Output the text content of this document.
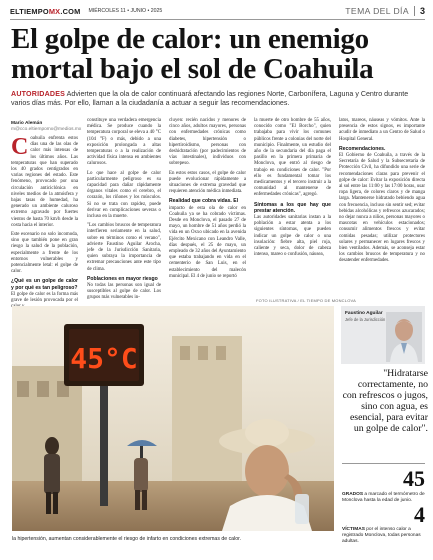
ELTIEMPOMX.COM MIÉRCOLES 11 • JUNIO • 2025	TEMA DEL DÍA 3
El golpe de calor: un enemigo mortal bajo el sol de Coahuila

AUTORIDADES Advierten que la ola de calor continuará afectando las regiones Norte, Carbonífera, Laguna y Centro durante varios días más. Por ello, llaman a la ciudadanía a actuar a seguir las recomendaciones.

Mario Alemán
m@cco.eltiempomx@medios.mx
C oahuila enfrenta estos días una de las olas de calor más intensas de los últimos años. Las temperaturas que han superado los 40 grados centígrados en varias regiones del estado. Este fenómeno, provocado por una circulación anticiclónica en niveles medios de la atmósfera y bajas tasas de humedad, ha generado un ambiente caluroso extremo agravado por fuertes vientos de hasta 70 km/h desde la costa hacia el interior.

Este escenario no solo incomoda, sino que también pone en gran riesgo la salud de la población, especialmente a frente de los entornos vulnerables y potencialmente letal: el golpe de calor.

¿Qué es un golpe de calor y por qué es tan peligroso?

El golpe de calor es la forma más grave de lesión provocada por el

constituye una verdadera emergencia médica. Se produce cuando la temperatura corporal se eleva a 40 °C (104 °F) o más, debido a una exposición prolongada a altas temperaturas o a la realización de actividad física intensa en ambientes calurosos.

Lo que hace al golpe de calor particularmente peligroso es su capacidad para dañar rápidamente órganos vitales como el cerebro, el corazón, los riñones y los músculos. Si no se trata con rapidez, puede derivar en complicaciones severas o incluso en la muerte.

"Los cambios bruscos de temperatura interfieren seriamente en la salud, sobre en términos como el verano", advierte Faustino Aguilar Arocha, jefe de la Jurisdicción Sanitaria, quien subraya la importancia de extremar precauciones ante este tipo de clima.

Poblaciones en mayor riesgo

No todas las personas son igual de susceptibles al golpe de calor. Los grupos más vulnerables in-

cluyen: recién nacidos y menores de cinco años, adultos mayores, personas con enfermedades crónicas como diabetes, hipertensión o hipertiroidismo, personas con deshidratación (por padecimientos de vías intestinales), individuos con sobrepeso.

En estos estos casos, el golpe de calor puede evolucionar rápidamente a situaciones de extrema gravedad que requieren atención médica inmediata.

Realidad que cobra vidas. El

impacto de esta ola de calor en Coahuila ya se ha cobrado víctimas. Desde en Monclova, el pasado 27 de mayo, un hombre de 51 años perdió la vida en un Oxxo ubicado en la avenida Ejército Mexicano con Leandro Valle, días después, el 25 de mayo, un empleado de 32 años del Ayuntamiento que estaba trabajando en vida en el cementerio de San Luis, en el establecimiento del malecón municipal. El 4 de junio se reportó

la muerte de otro hombre de 55 años, conocido como "El Borcho", quien trabajaba para vivir los comunes públicos frente a colonias del norte del municipio. Finalmente, un estudio del año de la secundaria del día paga el pasillo en la primera primaria de Monclova, que entró al riesgo de trabajo en condiciones de calor. "Por ello es fundamental tomar los medicamentos y el tercero instruir a la comunidad al mantenerse de enfermedades crónicas", agregó.

Síntomas a los que hay que prestar atención.

Las autoridades sanitarias instan a la población a estar atenta a los siguientes síntomas, que pueden indicar un golpe de calor o una insolación: fiebre alta, piel roja, caliente y seca, dolor de cabeza intenso, mareo o confusión, náusea,

latos, mareos, náuseas y vómitos. Ante la presencia de estos signos, es importante acudir de inmediato a un Centro de Salud o Hospital General.

Recomendaciones.

El Gobierno de Coahuila, a través de la Secretaría de Salud y la Subsecretaría de Protección Civil, ha difundido una serie de recomendaciones claras para prevenir el golpe de calor: Evitar la exposición directa al sol entre las 11:00 y las 17:00 horas, usar ropa ligera, de colores claros y de manga larga. Mantenerse hidratado bebiendo agua con frecuencia, incluso sin sentir sed; evitar bebidas alcohólicas y refrescos azucarados; no dejar nunca a niños, personas mayores o mascotas en vehículos estacionados; consumir alimentos frescos y evitar comidas pesadas; utilizar protectores solares y permanecer en lugares frescos y bien ventilados. Además, se aconseja estar los cambios bruscos de temperatura y no desatender enfermedades.

FOTO ILUSTRATIVA / EL TIEMPO DE MONCLOVA
45°C
la hipertensión, aumentan considerablemente el riesgo de infarto en condiciones extremas de calor.
Faustino Aguilar
Jefe de la Jurisdicción
"Hidratarse correctamente, no con refrescos o jugos, sino con agua, es esencial, para evitar un golpe de calor".
45
GRADOS a marcado el termómetro de Monclova hasta la edad de junio.
4
VÍCTIMAS por el intenso calor a registrado Monclova, todas personas adultas.
